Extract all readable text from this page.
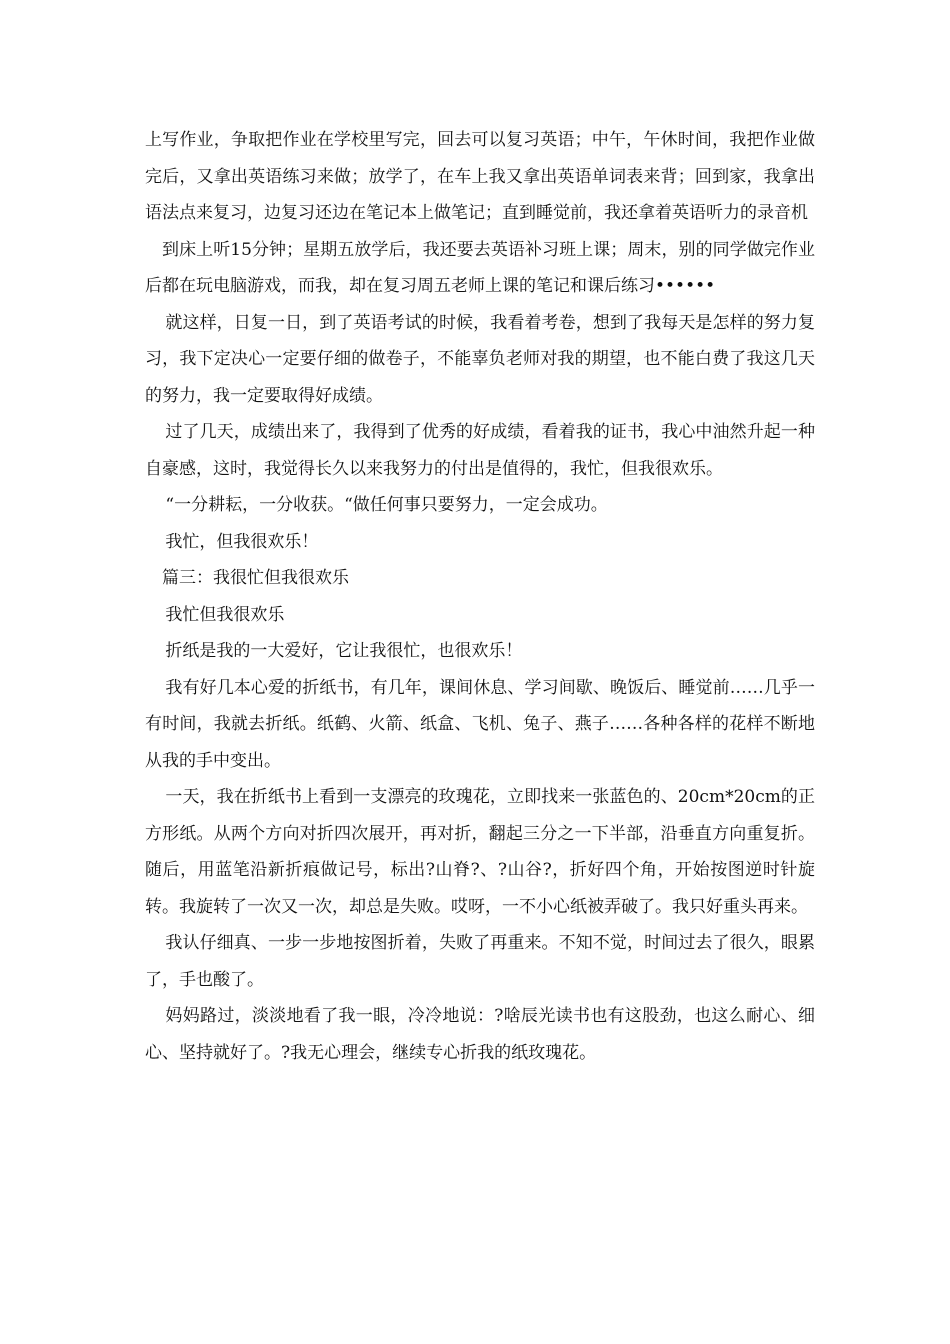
上写作业，争取把作业在学校里写完，回去可以复习英语；中午，午休时间，我把作业做完后，又拿出英语练习来做；放学了，在车上我又拿出英语单词表来背；回到家，我拿出语法点来复习，边复习还边在笔记本上做笔记；直到睡觉前，我还拿着英语听力的录音机

到床上听15分钟；星期五放学后，我还要去英语补习班上课；周末，别的同学做完作业后都在玩电脑游戏，而我，却在复习周五老师上课的笔记和课后练习••••••

就这样，日复一日，到了英语考试的时候，我看着考卷，想到了我每天是怎样的努力复习，我下定决心一定要仔细的做卷子，不能辜负老师对我的期望，也不能白费了我这几天的努力，我一定要取得好成绩。

过了几天，成绩出来了，我得到了优秀的好成绩，看着我的证书，我心中油然升起一种自豪感，这时，我觉得长久以来我努力的付出是值得的，我忙，但我很欢乐。

“一分耕耘，一分收获。“做任何事只要努力，一定会成功。

我忙，但我很欢乐！

篇三：我很忙但我很欢乐

我忙但我很欢乐

折纸是我的一大爱好，它让我很忙，也很欢乐！

我有好几本心爱的折纸书，有几年，课间休息、学习间歇、晚饭后、睡觉前……几乎一有时间，我就去折纸。纸鹤、火箭、纸盒、飞机、兔子、燕子……各种各样的花样不断地从我的手中变出。

一天，我在折纸书上看到一支漂亮的玫瑰花，立即找来一张蓝色的、20cm*20cm的正方形纸。从两个方向对折四次展开，再对折，翻起三分之一下半部，沿垂直方向重复折。随后，用蓝笔沿新折痕做记号，标出?山脊?、?山谷?，折好四个角，开始按图逆时针旋转。我旋转了一次又一次，却总是失败。哎呀，一不小心纸被弄破了。我只好重头再来。

我认仔细真、一步一步地按图折着，失败了再重来。不知不觉，时间过去了很久，眼累了，手也酸了。

妈妈路过，淡淡地看了我一眼，冷冷地说：?啥辰光读书也有这股劲，也这么耐心、细心、坚持就好了。?我无心理会，继续专心折我的纸玫瑰花。
